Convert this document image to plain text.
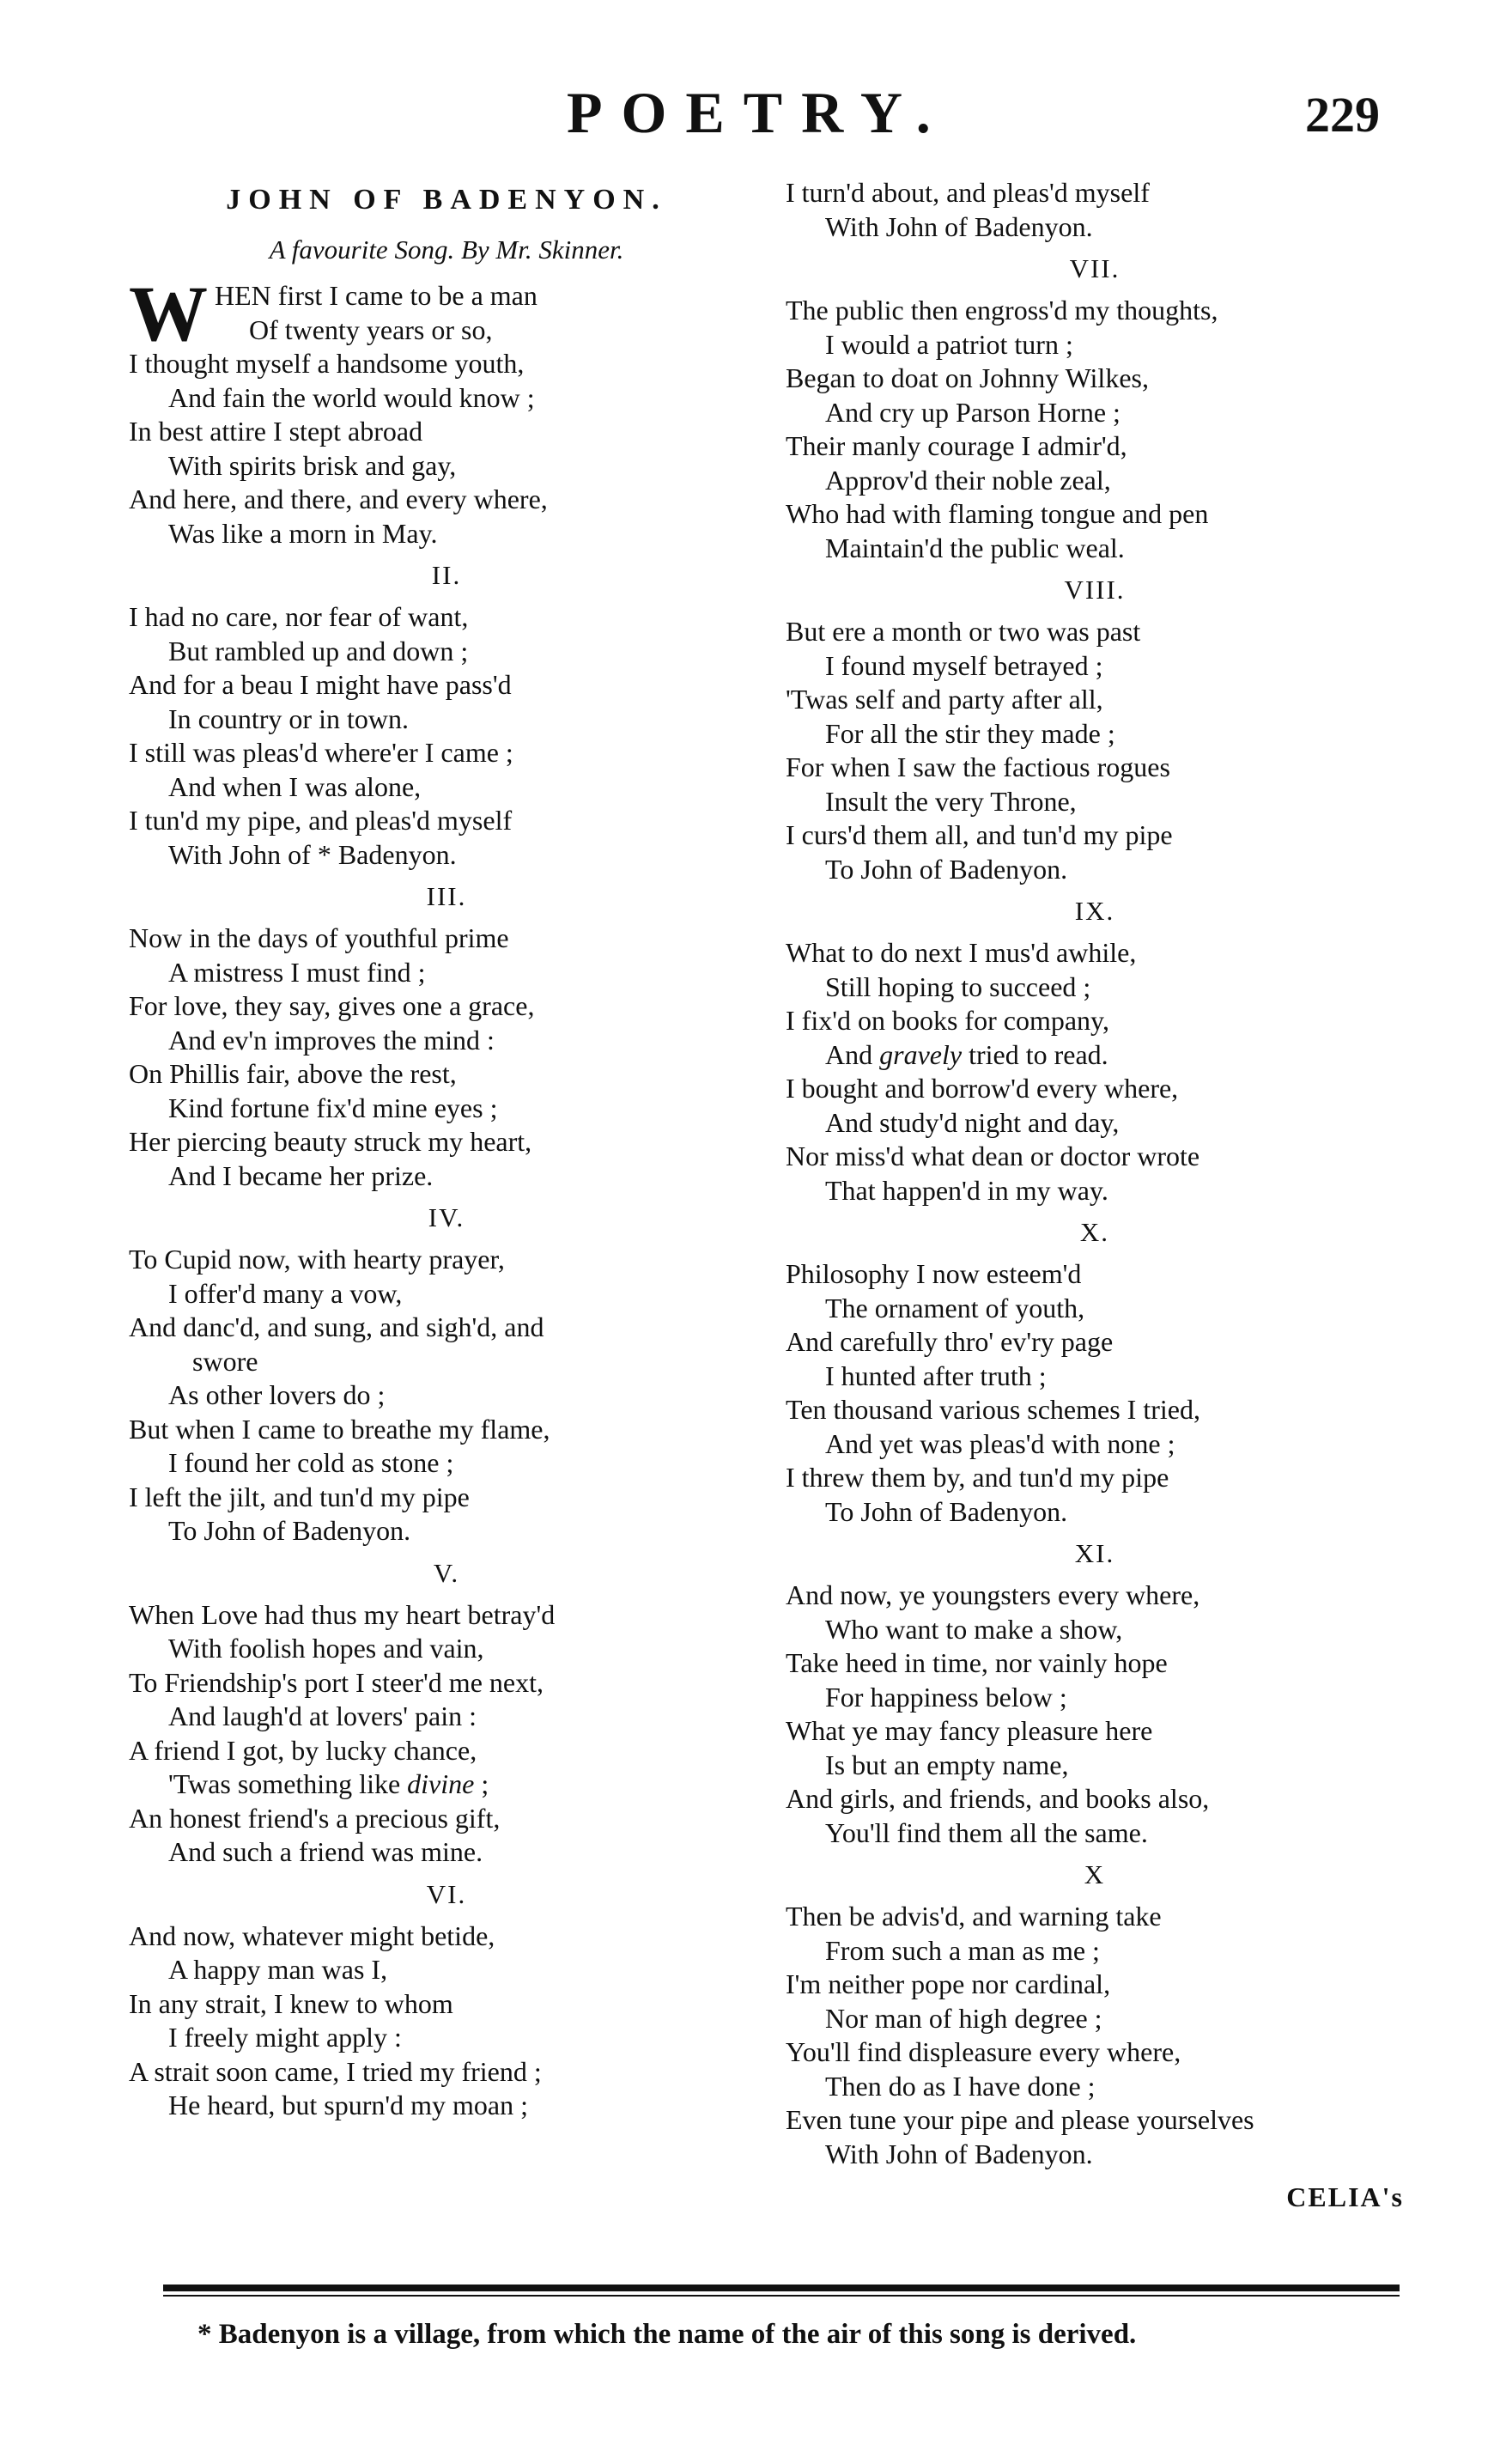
POETRY.	229
JOHN OF BADENYON.
A favourite Song. By Mr. Skinner.
W HEN first I came to be a man
Of twenty years or so,
I thought myself a handsome youth,
And fain the world would know ;
In best attire I stept abroad
With spirits brisk and gay,
And here, and there, and every where,
Was like a morn in May.
II.
I had no care, nor fear of want,
But rambled up and down ;
And for a beau I might have pass'd
In country or in town.
I still was pleas'd where'er I came ;
And when I was alone,
I tun'd my pipe, and pleas'd myself
With John of * Badenyon.
III.
Now in the days of youthful prime
A mistress I must find ;
For love, they say, gives one a grace,
And ev'n improves the mind :
On Phillis fair, above the rest,
Kind fortune fix'd mine eyes ;
Her piercing beauty struck my heart,
And I became her prize.
IV.
To Cupid now, with hearty prayer,
I offer'd many a vow,
And danc'd, and sung, and sigh'd, and
swore
As other lovers do ;
But when I came to breathe my flame,
I found her cold as stone ;
I left the jilt, and tun'd my pipe
To John of Badenyon.
V.
When Love had thus my heart betray'd
With foolish hopes and vain,
To Friendship's port I steer'd me next,
And laugh'd at lovers' pain :
A friend I got, by lucky chance,
'Twas something like divine ;
An honest friend's a precious gift,
And such a friend was mine.
VI.
And now, whatever might betide,
A happy man was I,
In any strait, I knew to whom
I freely might apply :
A strait soon came, I tried my friend ;
He heard, but spurn'd my moan ;
I turn'd about, and pleas'd myself
With John of Badenyon.
VII.
The public then engross'd my thoughts,
I would a patriot turn ;
Began to doat on Johnny Wilkes,
And cry up Parson Horne ;
Their manly courage I admir'd,
Approv'd their noble zeal,
Who had with flaming tongue and pen
Maintain'd the public weal.
VIII.
But ere a month or two was past
I found myself betrayed ;
'Twas self and party after all,
For all the stir they made ;
For when I saw the factious rogues
Insult the very Throne,
I curs'd them all, and tun'd my pipe
To John of Badenyon.
IX.
What to do next I mus'd awhile,
Still hoping to succeed ;
I fix'd on books for company,
And gravely tried to read.
I bought and borrow'd every where,
And study'd night and day,
Nor miss'd what dean or doctor wrote
That happen'd in my way.
X.
Philosophy I now esteem'd
The ornament of youth,
And carefully thro' ev'ry page
I hunted after truth ;
Ten thousand various schemes I tried,
And yet was pleas'd with none ;
I threw them by, and tun'd my pipe
To John of Badenyon.
XI.
And now, ye youngsters every where,
Who want to make a show,
Take heed in time, nor vainly hope
For happiness below ;
What ye may fancy pleasure here
Is but an empty name,
And girls, and friends, and books also,
You'll find them all the same.
X
Then be advis'd, and warning take
From such a man as me ;
I'm neither pope nor cardinal,
Nor man of high degree ;
You'll find displeasure every where,
Then do as I have done ;
Even tune your pipe and please yourselves
With John of Badenyon.
CELIA's
* Badenyon is a village, from which the name of the air of this song is derived.
